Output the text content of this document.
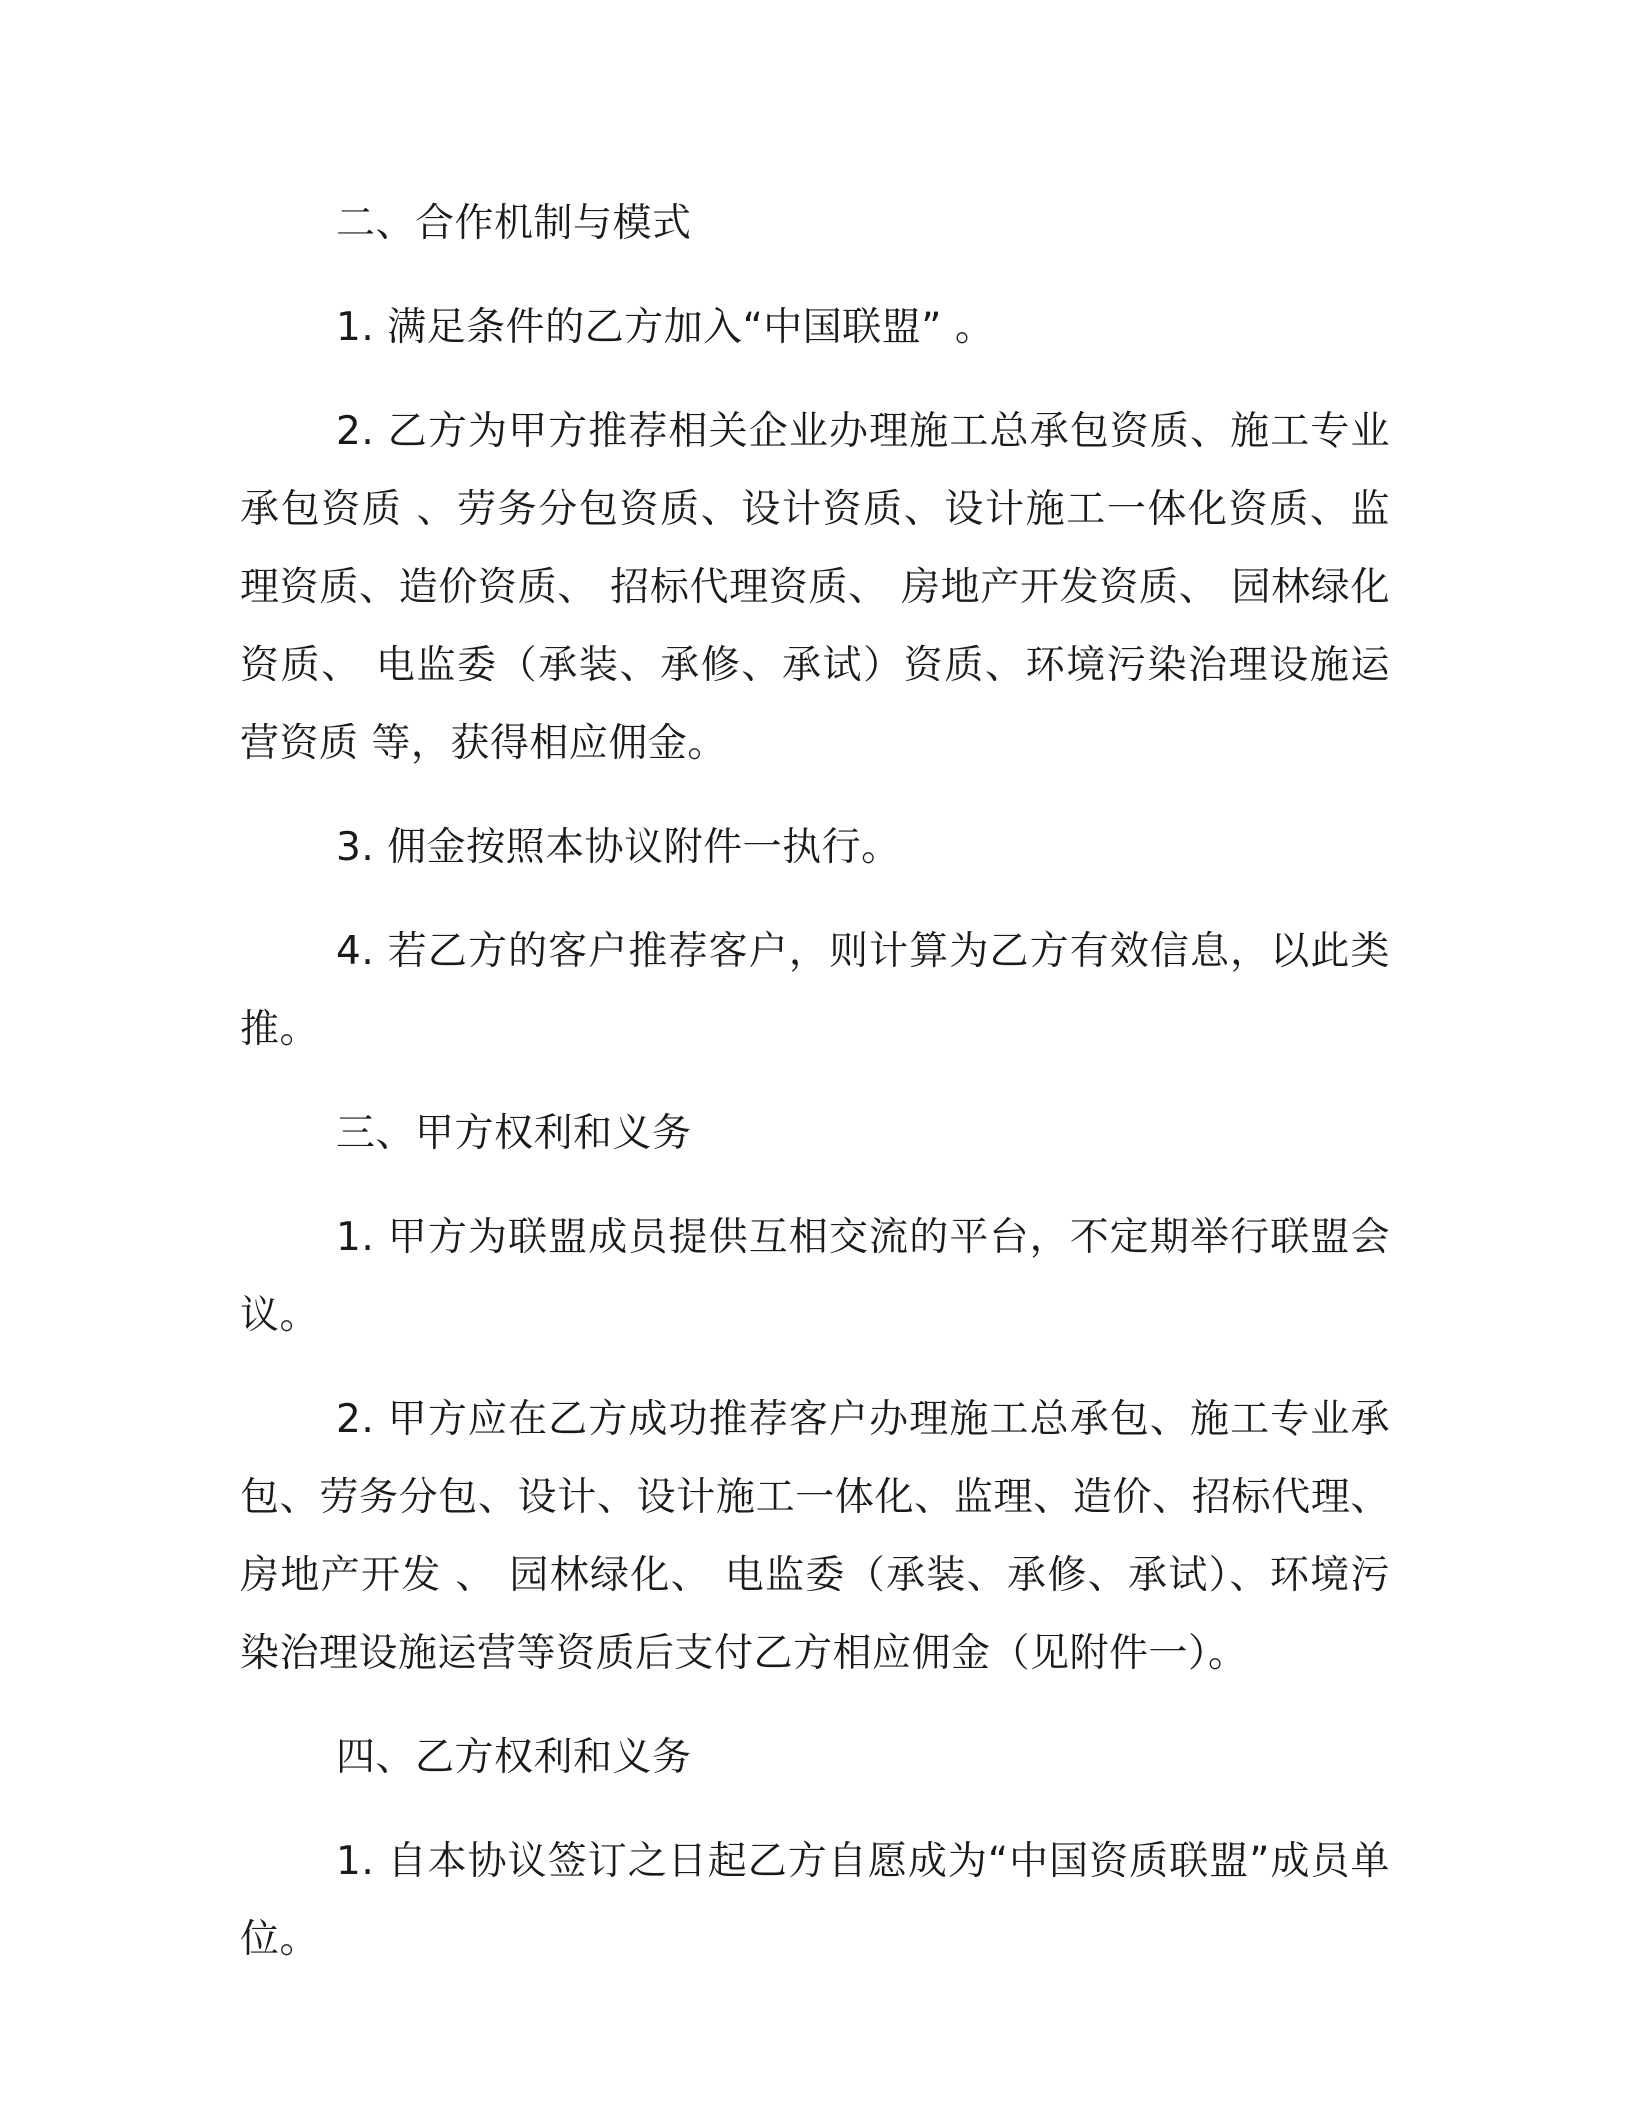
二、合作机制与模式

1. 满足条件的乙方加入“中国联盟” 。

2. 乙方为甲方推荐相关企业办理施工总承包资质、施工专业承包资质 、劳务分包资质、设计资质、设计施工一体化资质、监理资质、造价资质、 招标代理资质、 房地产开发资质、 园林绿化资质、 电监委（承装、承修、承试）资质、环境污染治理设施运营资质 等，获得相应佣金。

3. 佣金按照本协议附件一执行。

4. 若乙方的客户推荐客户，则计算为乙方有效信息，以此类推。

三、甲方权利和义务

1. 甲方为联盟成员提供互相交流的平台，不定期举行联盟会议。

2. 甲方应在乙方成功推荐客户办理施工总承包、施工专业承包、劳务分包、设计、设计施工一体化、监理、造价、招标代理、房地产开发 、 园林绿化、 电监委（承装、承修、承试）、环境污染治理设施运营等资质后支付乙方相应佣金（见附件一）。

四、乙方权利和义务

1. 自本协议签订之日起乙方自愿成为“中国资质联盟”成员单位。
